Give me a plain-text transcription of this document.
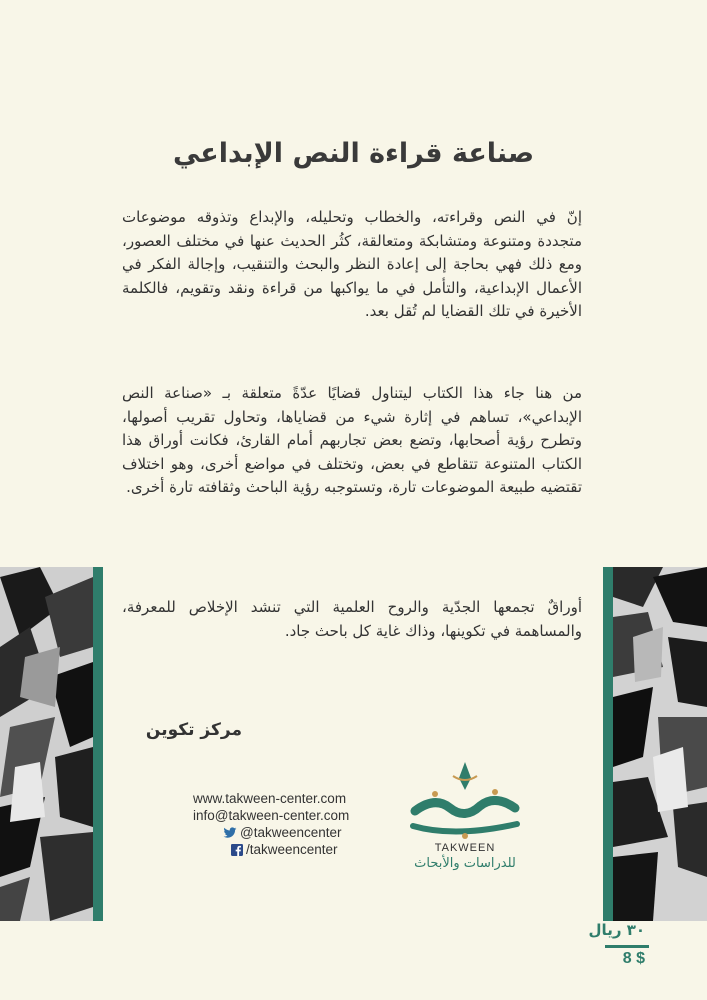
صناعة قراءة النص الإبداعي
إنّ في النص وقراءته، والخطاب وتحليله، والإبداع وتذوقه موضوعات متجددة ومتنوعة ومتشابكة ومتعالقة، كثُر الحديث عنها في مختلف العصور، ومع ذلك فهي بحاجة إلى إعادة النظر والبحث والتنقيب، وإجالة الفكر في الأعمال الإبداعية، والتأمل في ما يواكبها من قراءة ونقد وتقويم، فالكلمة الأخيرة في تلك القضايا لم تُقل بعد.
من هنا جاء هذا الكتاب ليتناول قضايًا عدّةً متعلقة بـ «صناعة النص الإبداعي»، تساهم في إثارة شيء من قضاياها، وتحاول تقريب أصولها، وتطرح رؤية أصحابها، وتضع بعض تجاربهم أمام القارئ، فكانت أوراق هذا الكتاب المتنوعة تتقاطع في بعض، وتختلف في مواضع أخرى، وهو اختلاف تقتضيه طبيعة الموضوعات تارة، وتستوجبه رؤية الباحث وثقافته تارة أخرى.
أوراقٌ تجمعها الجدّية والروح العلمية التي تنشد الإخلاص للمعرفة، والمساهمة في تكوينها، وذاك غاية كل باحث جاد.
مركز تكوين
www.takween-center.com
info@takween-center.com
@takweencenter
/takweencenter	TAKWEEN
للدراسات والأبحاث
٣٠ ريال
8 $
